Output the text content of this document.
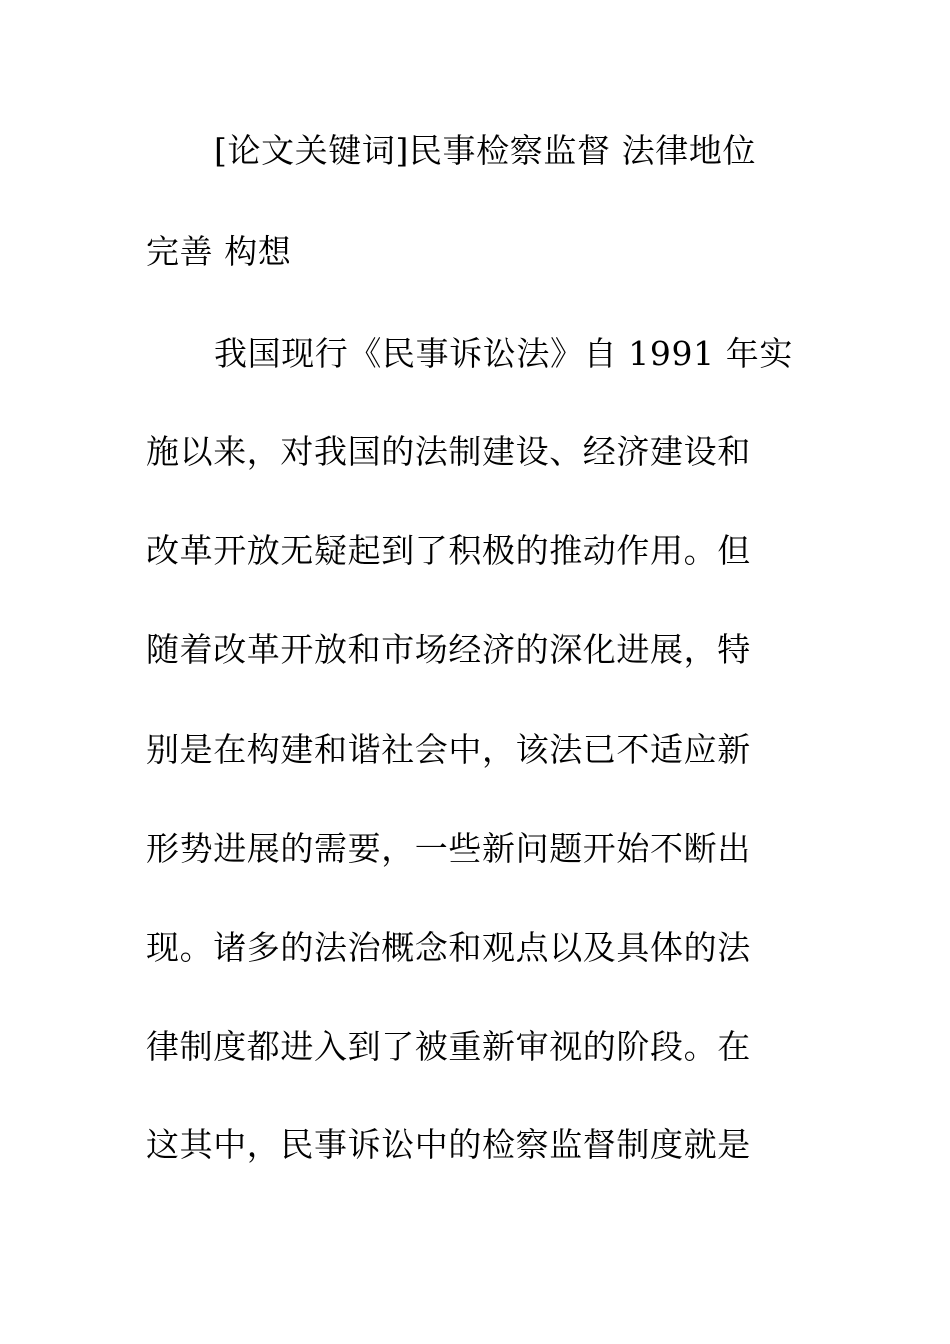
[论文关键词]民事检察监督 法律地位
完善 构想
我国现行《民事诉讼法》自 1991 年实
施以来，对我国的法制建设、经济建设和
改革开放无疑起到了积极的推动作用。但
随着改革开放和市场经济的深化进展，特
别是在构建和谐社会中，该法已不适应新
形势进展的需要，一些新问题开始不断出
现。诸多的法治概念和观点以及具体的法
律制度都进入到了被重新审视的阶段。在
这其中，民事诉讼中的检察监督制度就是
